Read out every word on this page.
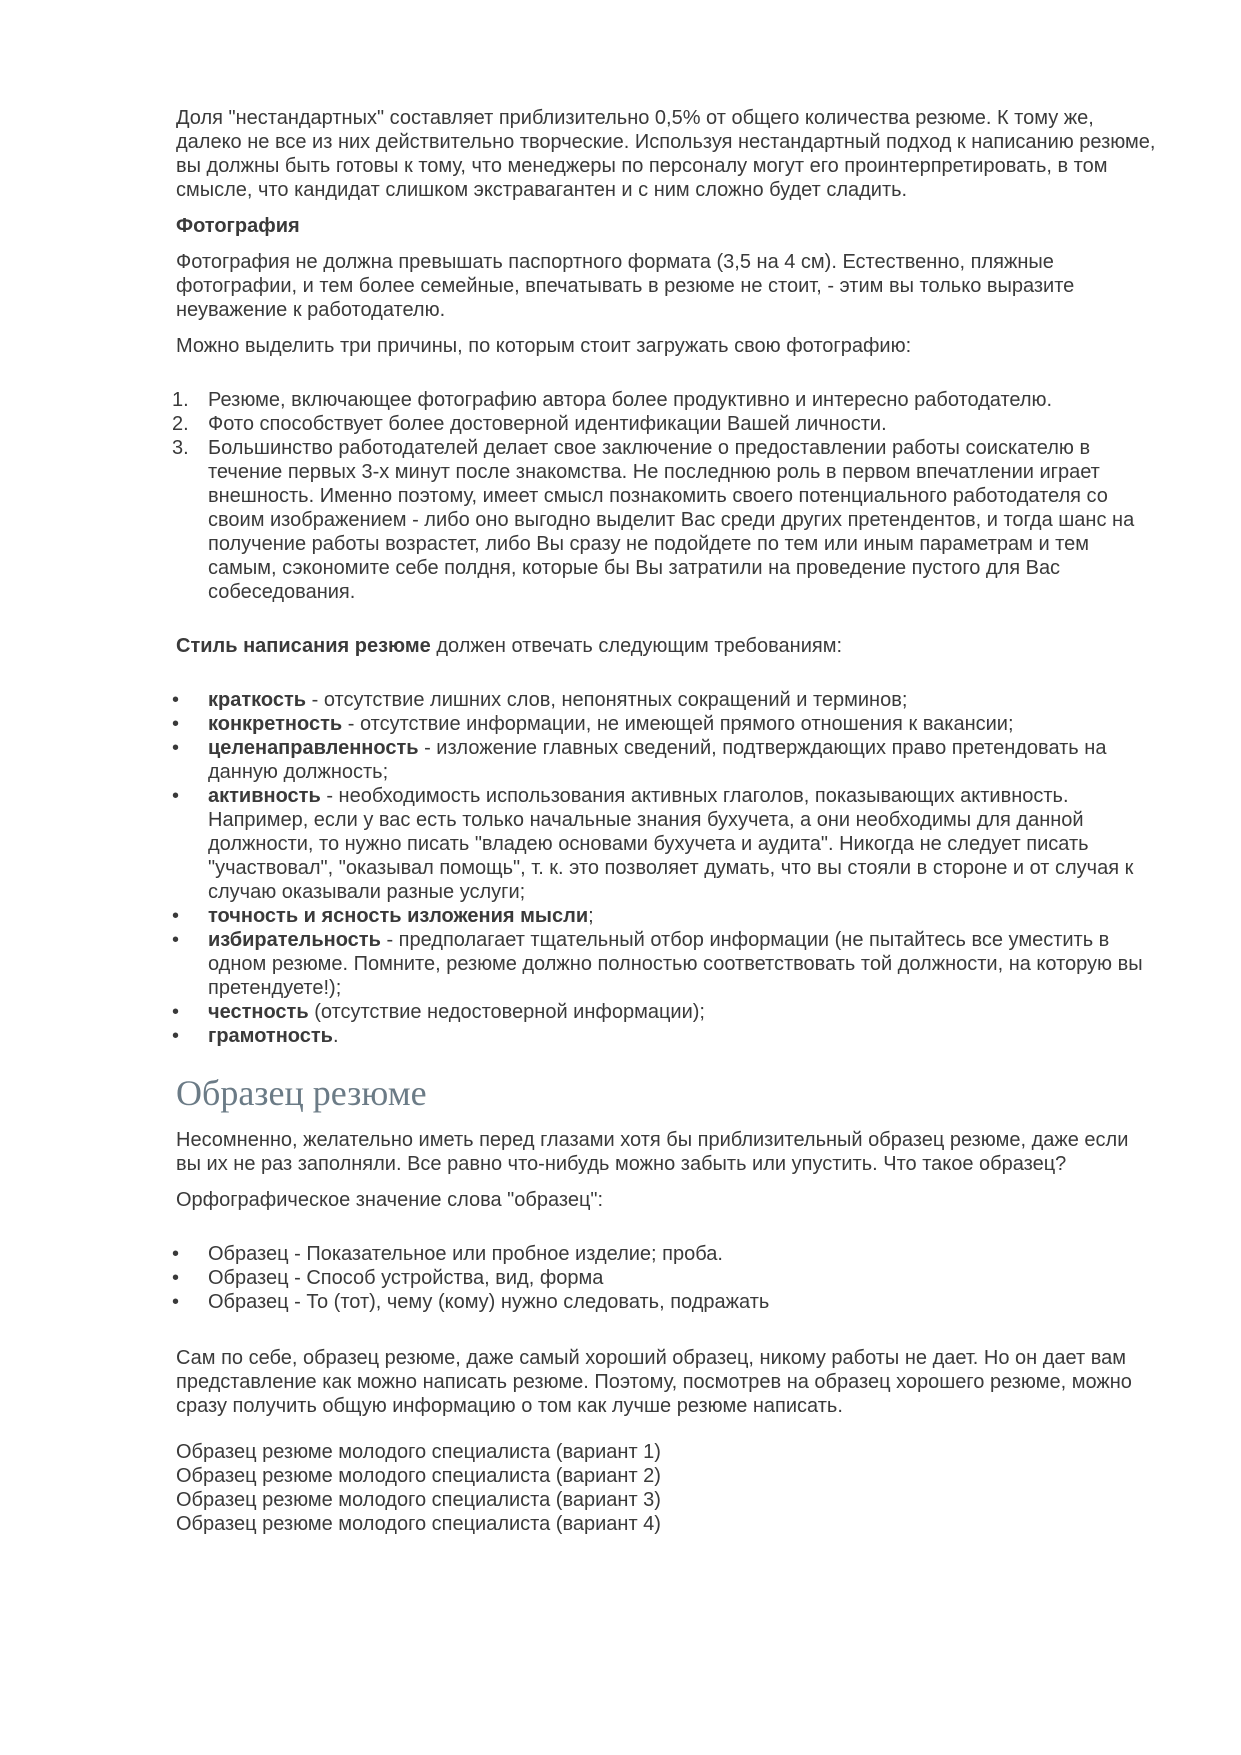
Доля "нестандартных" составляет приблизительно 0,5% от общего количества резюме. К тому же, далеко не все из них действительно творческие. Используя нестандартный подход к написанию резюме, вы должны быть готовы к тому, что менеджеры по персоналу могут его проинтерпретировать, в том смысле, что кандидат слишком экстравагантен и с ним сложно будет сладить.

Фотография

Фотография не должна превышать паспортного формата (3,5 на 4 см). Естественно, пляжные фотографии, и тем более семейные, впечатывать в резюме не стоит, - этим вы только выразите неуважение к работодателю.

Можно выделить три причины, по которым стоит загружать свою фотографию:

1. Резюме, включающее фотографию автора более продуктивно и интересно работодателю.
2. Фото способствует более достоверной идентификации Вашей личности.
3. Большинство работодателей делает свое заключение о предоставлении работы соискателю в течение первых 3-х минут после знакомства. Не последнюю роль в первом впечатлении играет внешность. Именно поэтому, имеет смысл познакомить своего потенциального работодателя со своим изображением - либо оно выгодно выделит Вас среди других претендентов, и тогда шанс на получение работы возрастет, либо Вы сразу не подойдете по тем или иным параметрам и тем самым, сэкономите себе полдня, которые бы Вы затратили на проведение пустого для Вас собеседования.

Стиль написания резюме должен отвечать следующим требованиям:

•	краткость - отсутствие лишних слов, непонятных сокращений и терминов;
•	конкретность - отсутствие информации, не имеющей прямого отношения к вакансии;
•	целенаправленность - изложение главных сведений, подтверждающих право претендовать на данную должность;
•	активность - необходимость использования активных глаголов, показывающих активность. Например, если у вас есть только начальные знания бухучета, а они необходимы для данной должности, то нужно писать "владею основами бухучета и аудита". Никогда не следует писать "участвовал", "оказывал помощь", т. к. это позволяет думать, что вы стояли в стороне и от случая к случаю оказывали разные услуги;
•	точность и ясность изложения мысли;
•	избирательность - предполагает тщательный отбор информации (не пытайтесь все уместить в одном резюме. Помните, резюме должно полностью соответствовать той должности, на которую вы претендуете!);
•	честность (отсутствие недостоверной информации);
•	грамотность.
Образец резюме

Несомненно, желательно иметь перед глазами хотя бы приблизительный образец резюме, даже если вы их не раз заполняли. Все равно что-нибудь можно забыть или упустить. Что такое образец?

Орфографическое значение слова "образец":

•	Образец - Показательное или пробное изделие; проба.
•	Образец - Способ устройства, вид, форма
•	Образец - То (тот), чему (кому) нужно следовать, подражать

Сам по себе, образец резюме, даже самый хороший образец, никому работы не дает. Но он дает вам представление как можно написать резюме. Поэтому, посмотрев на образец хорошего резюме, можно сразу получить общую информацию о том как лучше резюме написать.

Образец резюме молодого специалиста (вариант 1)

Образец резюме молодого специалиста (вариант 2)

Образец резюме молодого специалиста (вариант 3)

Образец резюме молодого специалиста (вариант 4)
